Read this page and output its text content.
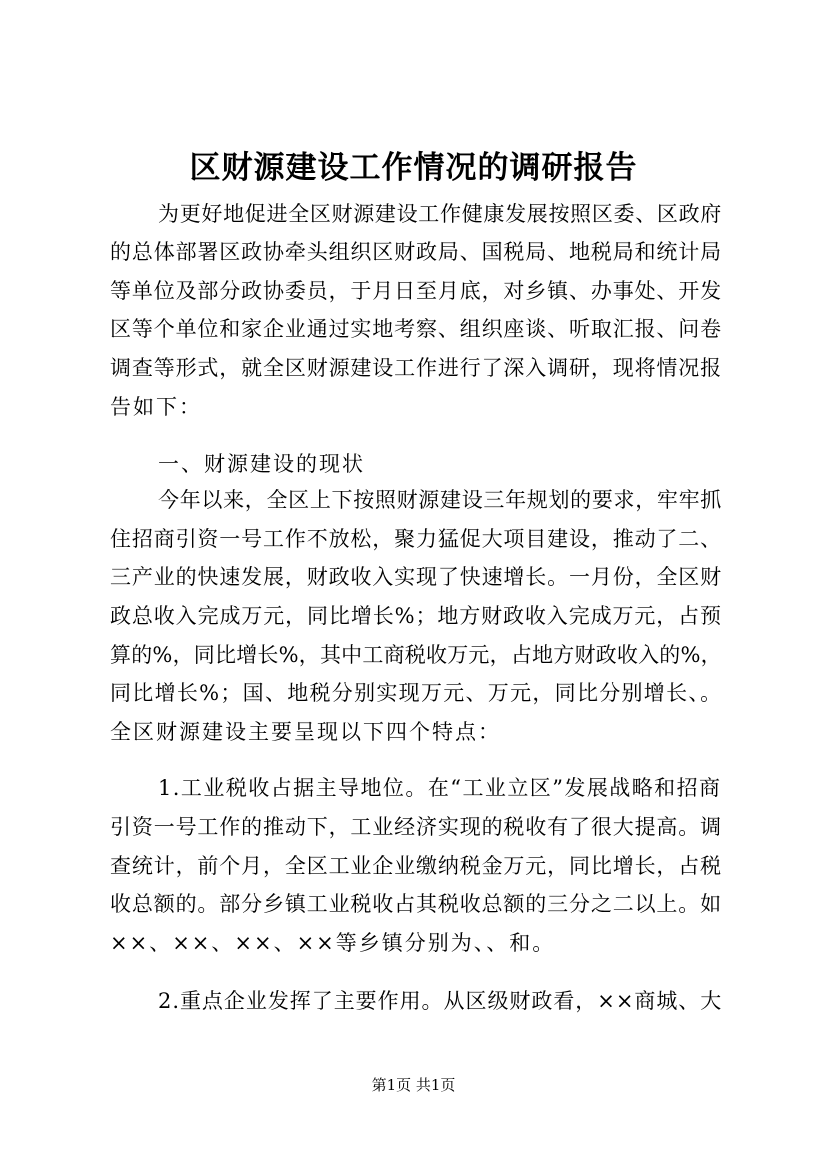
区财源建设工作情况的调研报告
为更好地促进全区财源建设工作健康发展按照区委、区政府
的总体部署区政协牵头组织区财政局、国税局、地税局和统计局
等单位及部分政协委员，于月日至月底，对乡镇、办事处、开发
区等个单位和家企业通过实地考察、组织座谈、听取汇报、问卷
调查等形式，就全区财源建设工作进行了深入调研，现将情况报
告如下：
一、财源建设的现状
今年以来，全区上下按照财源建设三年规划的要求，牢牢抓
住招商引资一号工作不放松，聚力猛促大项目建设，推动了二、
三产业的快速发展，财政收入实现了快速增长。一月份，全区财
政总收入完成万元，同比增长%；地方财政收入完成万元，占预
算的%，同比增长%，其中工商税收万元，占地方财政收入的%，
同比增长%；国、地税分别实现万元、万元，同比分别增长、。
全区财源建设主要呈现以下四个特点：
1.工业税收占据主导地位。在“工业立区”发展战略和招商
引资一号工作的推动下，工业经济实现的税收有了很大提高。调
查统计，前个月，全区工业企业缴纳税金万元，同比增长，占税
收总额的。部分乡镇工业税收占其税收总额的三分之二以上。如
××、××、××、××等乡镇分别为、、和。
2.重点企业发挥了主要作用。从区级财政看，××商城、大
第1页 共1页
